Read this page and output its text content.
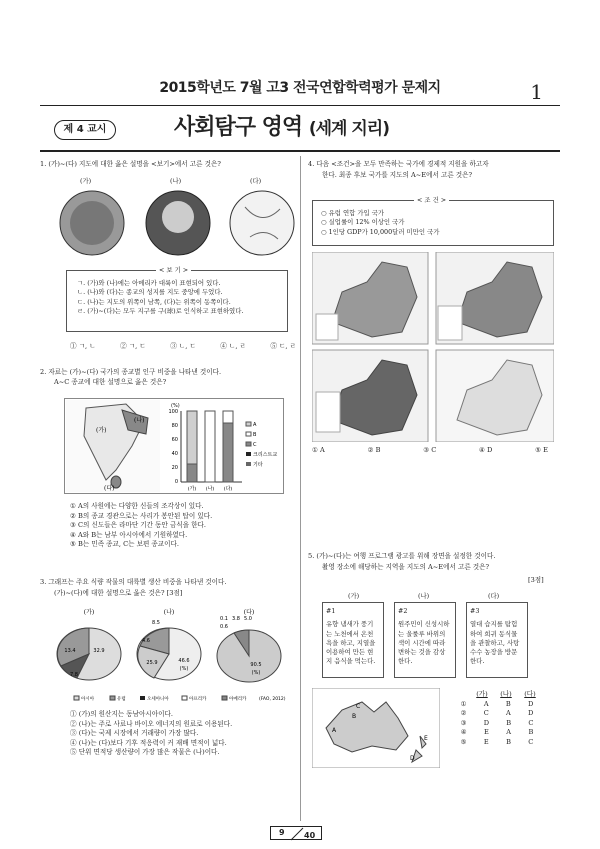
2015학년도 7월 고3 전국연합학력평가 문제지	1
제 4 교시	사회탐구 영역 (세계 지리)
1. (가)~(다) 지도에 대한 옳은 설명을 <보기>에서 고른 것은?
(가)	(나)	(다)
ㄱ. (가)와 (나)에는 아메리카 대륙이 표현되어 있다.
ㄴ. (나)와 (다)는 종교의 성지를 지도 중앙에 두었다.
ㄷ. (나)는 지도의 위쪽이 남쪽, (다)는 위쪽이 동쪽이다.
ㄹ. (가)~(다)는 모두 지구를 구(球)로 인식하고 표현하였다.
< 보 기 >
① ㄱ, ㄴ	② ㄱ, ㄷ	③ ㄴ, ㄷ	④ ㄴ, ㄹ	⑤ ㄷ, ㄹ
2. 자료는 (가)~(다) 국가의 종교별 인구 비중을 나타낸 것이다.
A~C 종교에 대한 설명으로 옳은 것은?
(가)
(나)
(다)
(%)
100
80
60
40
20
0
(가) (나) (다)
A
B
C
크리스트교
기타
① A의 사원에는 다양한 신들의 조각상이 있다.
② B의 종교 경관으로는 사리가 봉안된 탑이 있다.
③ C의 신도들은 라마단 기간 동안 금식을 한다.
④ A와 B는 남부 아시아에서 기원하였다.
⑤ B는 민족 종교, C는 보편 종교이다.
3. 그래프는 주요 식량 작물의 대륙별 생산 비중을 나타낸 것이다.
(가)~(다)에 대한 설명으로 옳은 것은? [3점]
(가)	(나)	(다)
32.9
7.8
13.4
8.5
4.6
25.9	46.6
(%)
0.1
0.6
3.8 5.0
90.5
(%)
아시아	유럽	오세아니아	아프리카	아메리카	(FAO, 2012)
① (가)의 원산지는 동남아시아이다.
② (나)는 주로 사료나 바이오 에너지의 원료로 이용된다.
③ (다)는 국제 시장에서 거래량이 가장 많다.
④ (나)는 (다)보다 기후 적응력이 커 재배 면적이 넓다.
⑤ 단위 면적당 생산량이 가장 많은 작물은 (나)이다.
4. 다음 <조건>을 모두 만족하는 국가에 경제적 지원을 하고자
한다. 최종 후보 국가를 지도의 A~E에서 고른 것은?
○ 유럽 연합 가입 국가
○ 실업률이 12% 이상인 국가
○ 1인당 GDP가 10,000달러 미만인 국가
< 조 건 >
① A	② B	③ C	④ D	⑤ E
5. (가)~(다)는 여행 프로그램 광고를 위해 장면을 설정한 것이다.
촬영 장소에 해당하는 지역을 지도의 A~E에서 고른 것은?
[3점]
(가)	(나)	(다)
#1
유향 냄새가 풍기
는 노천에서 온천
욕을 하고, 지열을
이용하여 만든 현
지 음식을 먹는다.
#2
원주민이 신성시하
는 울룰루 바위의
색이 시간에 따라
변하는 것을 감상
한다.
#3
열대 습지를 탐험
하여 희귀 동식물
을 관찰하고, 사탕
수수 농장을 방문
한다.
A
B
C
D
E
(가) (나) (다)
①	A	B	D
②	C	A	D
③	D	B	C
④	E	A	B
⑤	E	B	C
9 40
